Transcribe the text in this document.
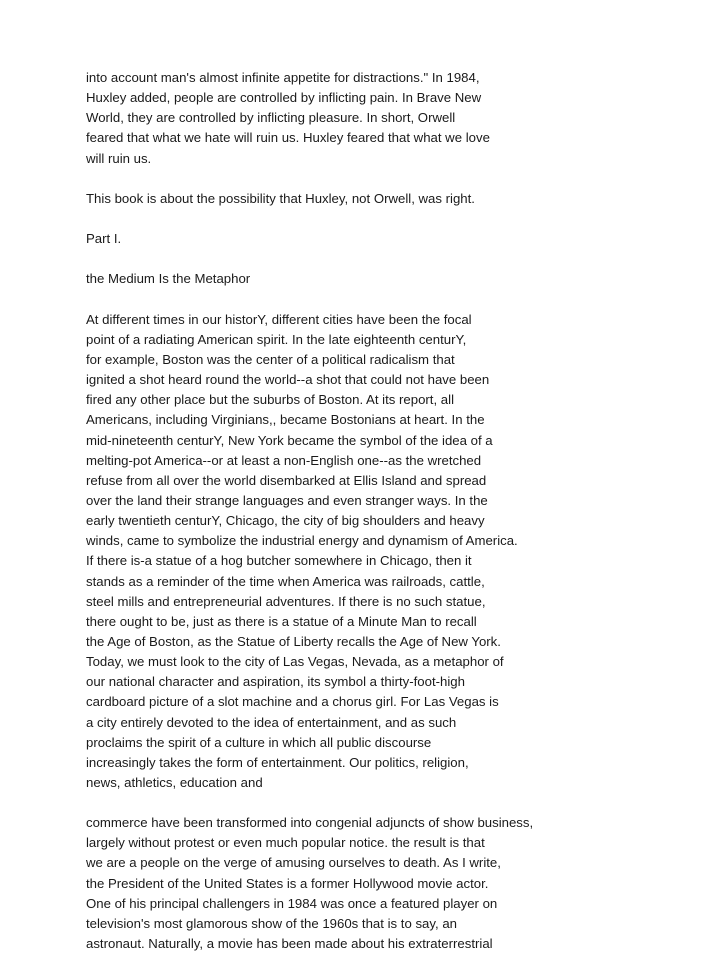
into account man's almost infinite appetite for distractions." In 1984,
Huxley added, people are controlled by inflicting pain. In Brave New
World, they are controlled by inflicting pleasure. In short, Orwell
feared that what we hate will ruin us. Huxley feared that what we love
will ruin us.
This book is about the possibility that Huxley, not Orwell, was right.
Part I.
the Medium Is the Metaphor
At different times in our historY, different cities have been the focal
point of a radiating American spirit. In the late eighteenth centurY,
for example, Boston was the center of a political radicalism that
ignited a shot heard round the world--a shot that could not have been
fired any other place but the suburbs of Boston. At its report, all
Americans, including Virginians,, became Bostonians at heart. In the
mid-nineteenth centurY, New York became the symbol of the idea of a
melting-pot America--or at least a non-English one--as the wretched
refuse from all over the world disembarked at Ellis Island and spread
over the land their strange languages and even stranger ways. In the
early twentieth centurY, Chicago, the city of big shoulders and heavy
winds, came to symbolize the industrial energy and dynamism of America.
If there is-a statue of a hog butcher somewhere in Chicago, then it
stands as a reminder of the time when America was railroads, cattle,
steel mills and entrepreneurial adventures. If there is no such statue,
there ought to be, just as there is a statue of a Minute Man to recall
the Age of Boston, as the Statue of Liberty recalls the Age of New York.
Today, we must look to the city of Las Vegas, Nevada, as a metaphor of
our national character and aspiration, its symbol a thirty-foot-high
cardboard picture of a slot machine and a chorus girl. For Las Vegas is
a city entirely devoted to the idea of entertainment, and as such
proclaims the spirit of a culture in which all public discourse
increasingly takes the form of entertainment. Our politics, religion,
news, athletics, education and
commerce have been transformed into congenial adjuncts of show business,
largely without protest or even much popular notice. the result is that
we are a people on the verge of amusing ourselves to death. As I write,
the President of the United States is a former Hollywood movie actor.
One of his principal challengers in 1984 was once a featured player on
television's most glamorous show of the 1960s that is to say, an
astronaut. Naturally, a movie has been made about his extraterrestrial
